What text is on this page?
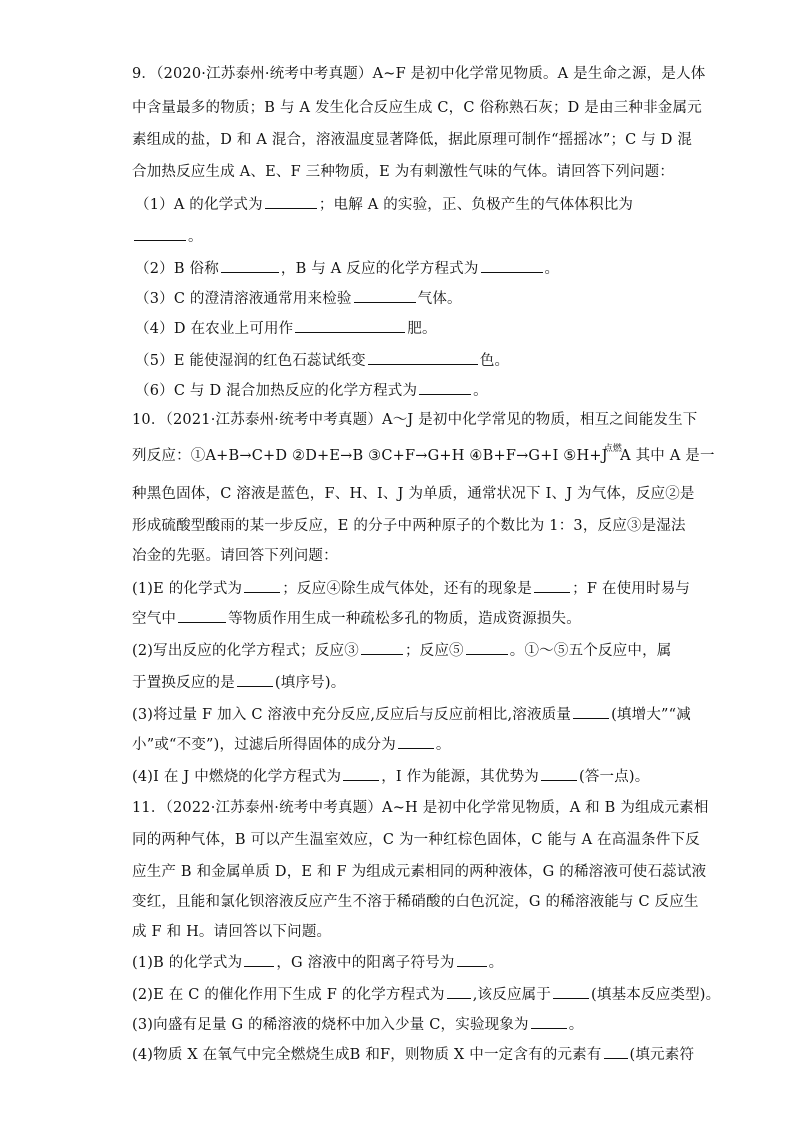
9．（2020·江苏泰州·统考中考真题）A~F 是初中化学常见物质。A 是生命之源，是人体
中含量最多的物质；B 与 A 发生化合反应生成 C，C 俗称熟石灰；D 是由三种非金属元
素组成的盐，D 和 A 混合，溶液温度显著降低，据此原理可制作“摇摇冰”；C 与 D 混
合加热反应生成 A、E、F 三种物质，E 为有刺激性气味的气体。请回答下列问题：
（1）A 的化学式为	；电解 A 的实验，正、负极产生的气体体积比为
。
（2）B 俗称	，B 与 A 反应的化学方程式为	。
（3）C 的澄清溶液通常用来检验	气体。
（4）D 在农业上可用作	肥。
（5）E 能使湿润的红色石蕊试纸变	色。
（6）C 与 D 混合加热反应的化学方程式为	。
10．（2021·江苏泰州·统考中考真题）A～J 是初中化学常见的物质，相互之间能发生下
列反应：①A+B→C+D ②D+E→B ③C+F→G+H ④B+F→G+I $⑤H+J^{点燃}A$ 其中 A 是一
种黑色固体，C 溶液是蓝色，F、H、I、J 为单质，通常状况下 I、J 为气体，反应②是
形成硫酸型酸雨的某一步反应，E 的分子中两种原子的个数比为 1：3，反应③是湿法
冶金的先驱。请回答下列问题：
(1)E 的化学式为	；反应④除生成气体处，还有的现象是	；F 在使用时易与
空气中	等物质作用生成一种疏松多孔的物质，造成资源损失。
(2)写出反应的化学方程式；反应③	；反应⑤	。①～⑤五个反应中，属
于置换反应的是	(填序号)。
(3)将过量 F 加入 C 溶液中充分反应,反应后与反应前相比,溶液质量	(填增大”“减
小”或“不变”)，过滤后所得固体的成分为	。
(4)I 在 J 中燃烧的化学方程式为	，I 作为能源，其优势为	(答一点)。
11．（2022·江苏泰州·统考中考真题）A~H 是初中化学常见物质，A 和 B 为组成元素相
同的两种气体，B 可以产生温室效应，C 为一种红棕色固体，C 能与 A 在高温条件下反
应生产 B 和金属单质 D，E 和 F 为组成元素相同的两种液体，G 的稀溶液可使石蕊试液
变红，且能和氯化钡溶液反应产生不溶于稀硝酸的白色沉淀，G 的稀溶液能与 C 反应生
成 F 和 H。请回答以下问题。
(1)B 的化学式为 ，G 溶液中的阳离子符号为 。
(2)E 在 C 的催化作用下生成 F 的化学方程式为 ,该反应属于	(填基本反应类型)。
(3)向盛有足量 G 的稀溶液的烧杯中加入少量 C，实验现象为	。
(4)物质 X 在氧气中完全燃烧生成B 和F，则物质 X 中一定含有的元素有 (填元素符
